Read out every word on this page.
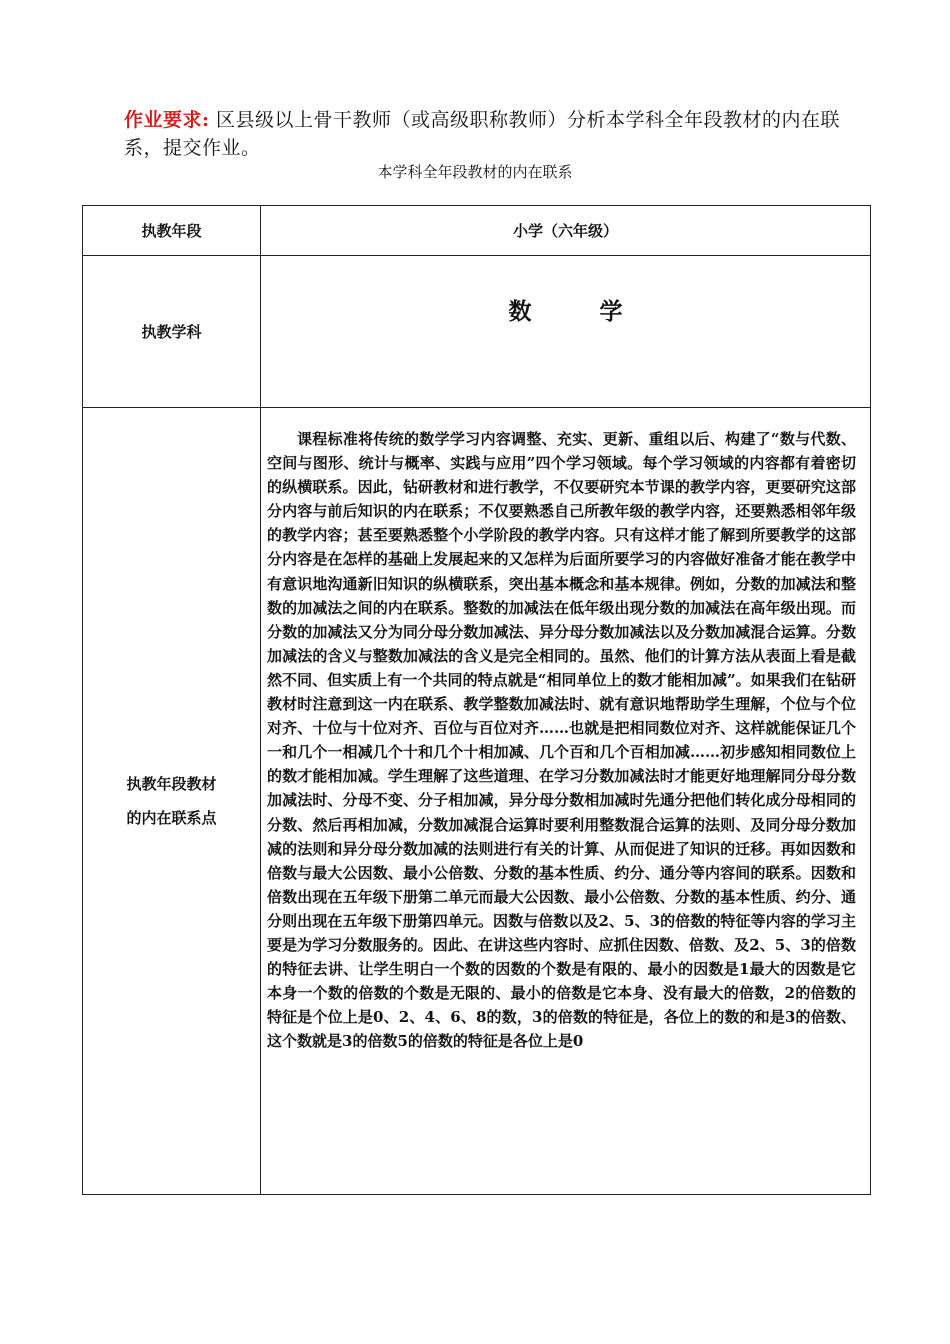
作业要求: 区县级以上骨干教师（或高级职称教师）分析本学科全年段教材的内在联系，提交作业。
本学科全年段教材的内在联系
执教年段	小学（六年级）
执教学科	数 学

执教年段教材
的内在联系点	课程标准将传统的数学学习内容调整、充实、更新、重组以后、构建了“数与代数、空间与图形、统计与概率、实践与应用”四个学习领域。每个学习领域的内容都有着密切的纵横联系。因此，钻研教材和进行教学，不仅要研究本节课的教学内容，更要研究这部分内容与前后知识的内在联系；不仅要熟悉自己所教年级的教学内容，还要熟悉相邻年级的教学内容；甚至要熟悉整个小学阶段的教学内容。只有这样才能了解到所要教学的这部分内容是在怎样的基础上发展起来的又怎样为后面所要学习的内容做好准备才能在教学中有意识地沟通新旧知识的纵横联系，突出基本概念和基本规律。例如，分数的加减法和整数的加减法之间的内在联系。整数的加减法在低年级出现分数的加减法在高年级出现。而分数的加减法又分为同分母分数加减法、异分母分数加减法以及分数加减混合运算。分数加减法的含义与整数加减法的含义是完全相同的。虽然、他们的计算方法从表面上看是截然不同、但实质上有一个共同的特点就是“相同单位上的数才能相加减”。如果我们在钻研教材时注意到这一内在联系、教学整数加减法时、就有意识地帮助学生理解，个位与个位对齐、十位与十位对齐、百位与百位对齐……也就是把相同数位对齐、这样就能保证几个一和几个一相减几个十和几个十相加减、几个百和几个百相加减……初步感知相同数位上的数才能相加减。学生理解了这些道理、在学习分数加减法时才能更好地理解同分母分数加减法时、分母不变、分子相加减，异分母分数相加减时先通分把他们转化成分母相同的分数、然后再相加减，分数加减混合运算时要利用整数混合运算的法则、及同分母分数加减的法则和异分母分数加减的法则进行有关的计算、从而促进了知识的迁移。再如因数和倍数与最大公因数、最小公倍数、分数的基本性质、约分、通分等内容间的联系。因数和倍数出现在五年级下册第二单元而最大公因数、最小公倍数、分数的基本性质、约分、通分则出现在五年级下册第四单元。因数与倍数以及2、5、3的倍数的特征等内容的学习主要是为学习分数服务的。因此、在讲这些内容时、应抓住因数、倍数、及2、5、3的倍数的特征去讲、让学生明白一个数的因数的个数是有限的、最小的因数是1最大的因数是它本身一个数的倍数的个数是无限的、最小的倍数是它本身、没有最大的倍数，2的倍数的特征是个位上是0、2、4、6、8的数，3的倍数的特征是，各位上的数的和是3的倍数、这个数就是3的倍数5的倍数的特征是各位上是0
